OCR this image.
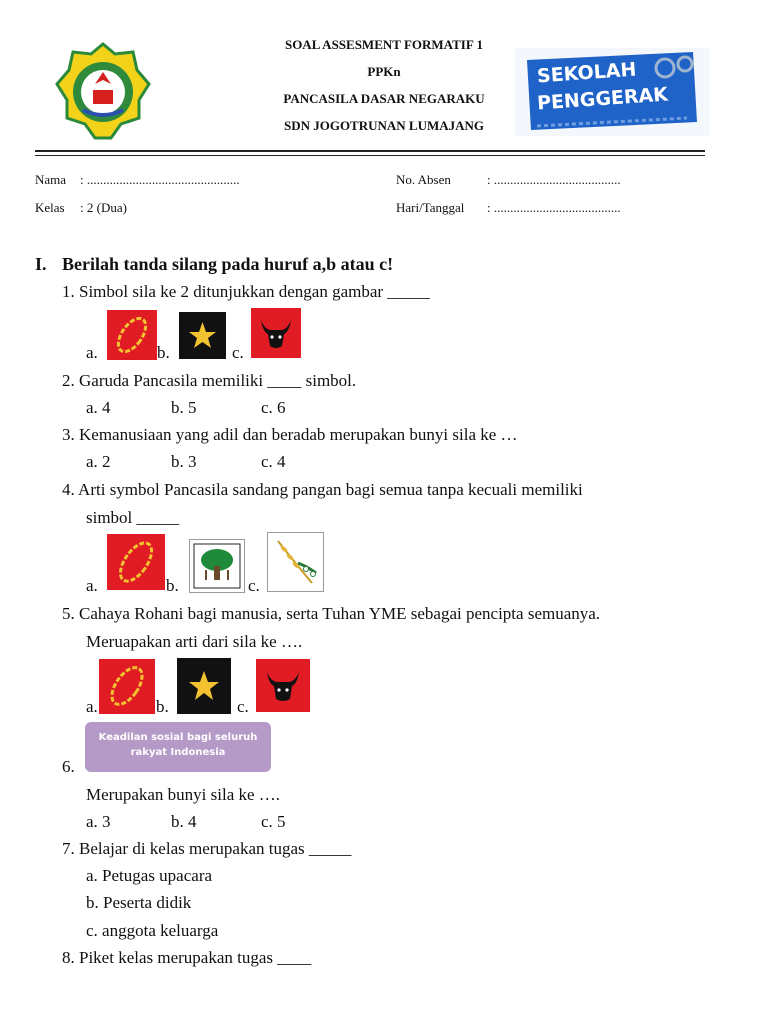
SOAL ASSESMENT FORMATIF 1
PPKn
PANCASILA DASAR NEGARAKU
SDN JOGOTRUNAN LUMAJANG
SEKOLAH
PENGGERAK
Nama : ...............................................
Kelas : 2 (Dua)
No. Absen	: .......................................
Hari/Tanggal : .......................................
I. Berilah tanda silang pada huruf a,b atau c!
1. Simbol sila ke 2 ditunjukkan dengan gambar _____
a.	b.	c.
2. Garuda Pancasila memiliki ____ simbol.
a. 4	b. 5	c. 6
3. Kemanusiaan yang adil dan beradab merupakan bunyi sila ke …
a. 2	b. 3	c. 4
4. Arti symbol Pancasila sandang pangan bagi semua tanpa kecuali memiliki
simbol _____
a.	b.	c.
5. Cahaya Rohani bagi manusia, serta Tuhan YME sebagai pencipta semuanya.
Meruapakan arti dari sila ke ….
a.	b.	c.
6.
Keadilan sosial bagi seluruh
rakyat Indonesia
Merupakan bunyi sila ke ….
a. 3	b. 4	c. 5
7. Belajar di kelas merupakan tugas _____
a. Petugas upacara
b. Peserta didik
c. anggota keluarga
8. Piket kelas merupakan tugas ____
